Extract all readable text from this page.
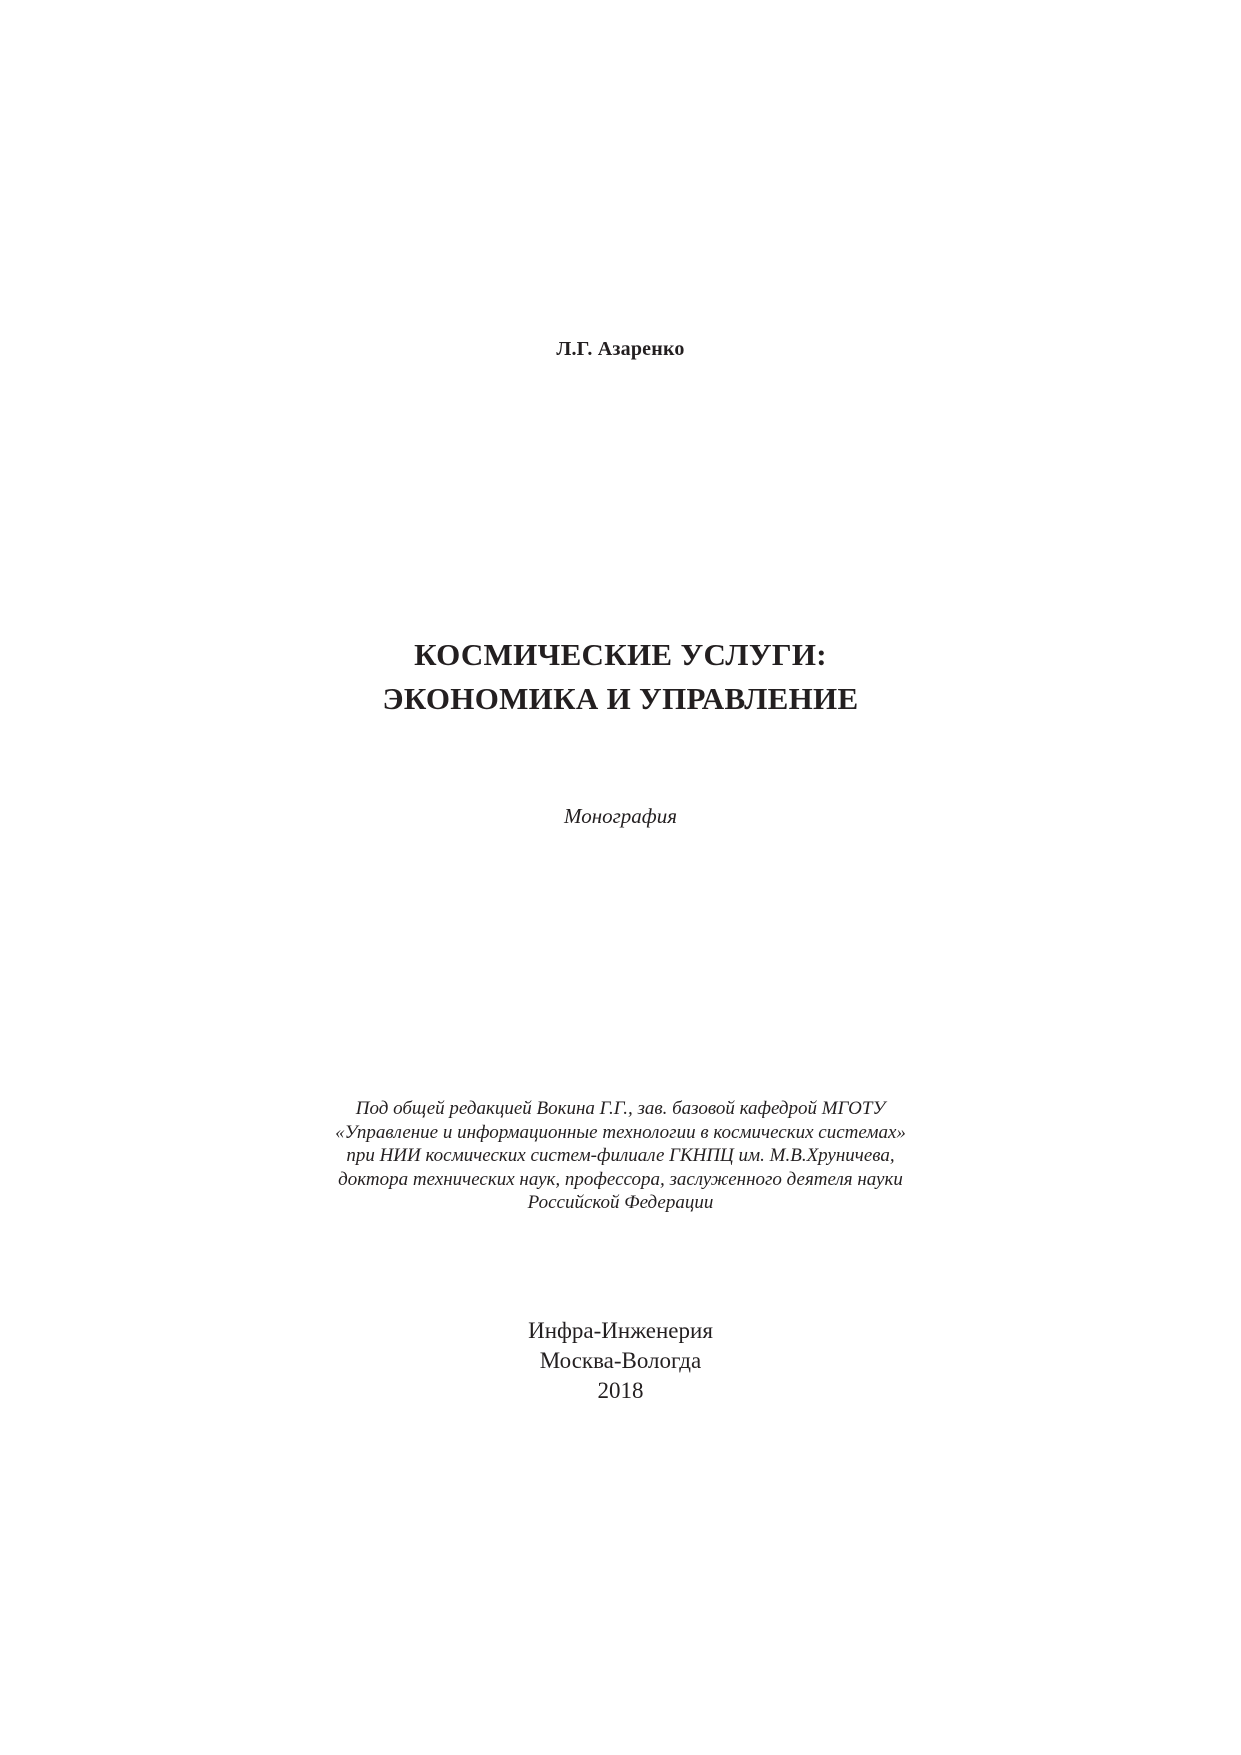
Л.Г. Азаренко
КОСМИЧЕСКИЕ УСЛУГИ:
ЭКОНОМИКА И УПРАВЛЕНИЕ
Монография
Под общей редакцией Вокина Г.Г., зав. базовой кафедрой МГОТУ
«Управление и информационные технологии в космических системах»
при НИИ космических систем-филиале ГКНПЦ им. М.В.Хруничева,
доктора технических наук, профессора, заслуженного деятеля науки
Российской Федерации
Инфра-Инженерия
Москва-Вологда
2018
